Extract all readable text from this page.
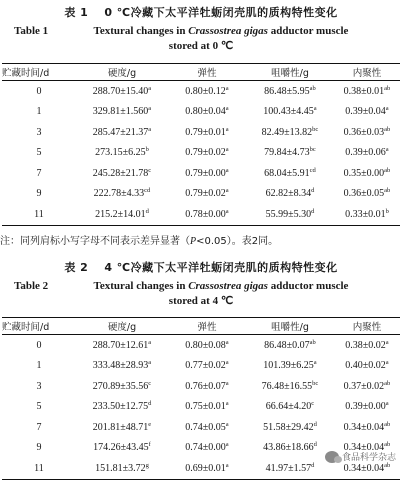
表 1 0 ℃冷藏下太平洋牡蛎闭壳肌的质构特性变化
Table 1	Textural changes in Crassostrea gigas adductor muscle
stored at 0 ℃
贮藏时间/d	硬度/g	弹性	咀嚼性/g	内聚性
0	288.70±15.40$^a$	0.80±0.12$^a$	86.48±5.95$^{ab}$	0.38±0.01$^{ab}$
1	329.81±1.560$^a$	0.80±0.04$^a$	100.43±4.45$^a$	0.39±0.04$^a$
3	285.47±21.37$^a$	0.79±0.01$^a$	82.49±13.82$^{bc}$	0.36±0.03$^{ab}$
5	273.15±6.25$^b$	0.79±0.02$^a$	79.84±4.73$^{bc}$	0.39±0.06$^a$
7	245.28±21.78$^c$	0.79±0.00$^a$	68.04±5.91$^{cd}$	0.35±0.00$^{ab}$
9	222.78±4.33$^{cd}$	0.79±0.02$^a$	62.82±8.34$^d$	0.36±0.05$^{ab}$
11	215.2±14.01$^d$	0.78±0.00$^a$	55.99±5.30$^d$	0.33±0.01$^b$
注：同列肩标小写字母不同表示差异显著（P<0.05）。表2同。
表 2 4 ℃冷藏下太平洋牡蛎闭壳肌的质构特性变化
Table 2	Textural changes in Crassostrea gigas adductor muscle
stored at 4 ℃
贮藏时间/d	硬度/g	弹性	咀嚼性/g	内聚性
0	288.70±12.61$^a$	0.80±0.08$^a$	86.48±0.07$^{ab}$	0.38±0.02$^a$
1	333.48±28.93$^a$	0.77±0.02$^a$	101.39±6.25$^a$	0.40±0.02$^a$
3	270.89±35.56$^c$	0.76±0.07$^a$	76.48±16.55$^{bc}$	0.37±0.02$^{ab}$
5	233.50±12.75$^d$	0.75±0.01$^a$	66.64±4.20$^c$	0.39±0.00$^a$
7	201.81±48.71$^e$	0.74±0.05$^a$	51.58±29.42$^d$	0.34±0.04$^{ab}$
9	174.26±43.45$^f$	0.74±0.00$^a$	43.86±18.66$^d$	0.34±0.04$^{ab}$
11	151.81±3.72$^g$	0.69±0.01$^a$	41.97±1.57$^d$	0.34±0.04$^{ab}$
食品科学杂志
